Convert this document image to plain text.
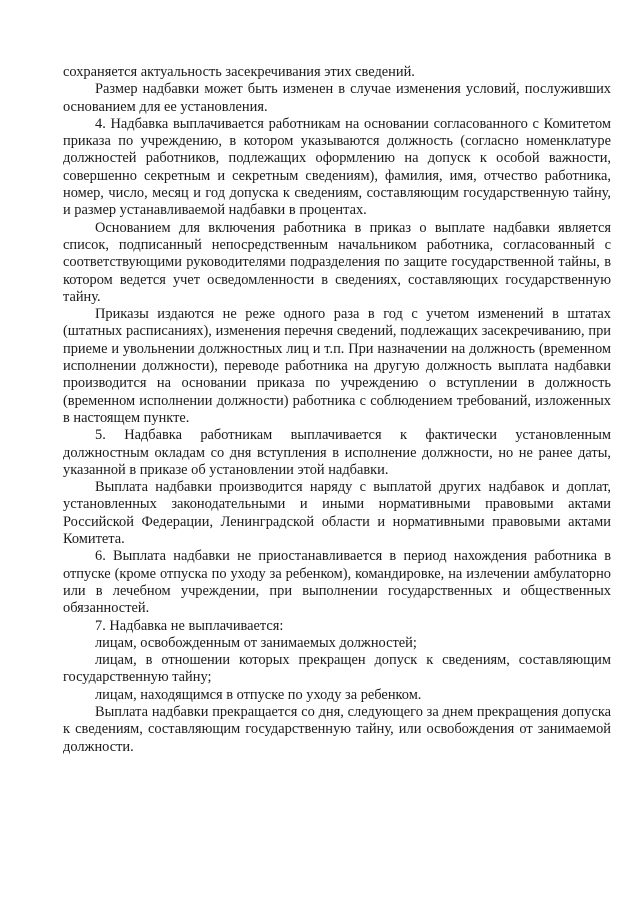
сохраняется актуальность засекречивания этих сведений.

Размер надбавки может быть изменен в случае изменения условий, послуживших основанием для ее установления.

4. Надбавка выплачивается работникам на основании согласованного с Комитетом приказа по учреждению, в котором указываются должность (согласно номенклатуре должностей работников, подлежащих оформлению на допуск к особой важности, совершенно секретным и секретным сведениям), фамилия, имя, отчество работника, номер, число, месяц и год допуска к сведениям, составляющим государственную тайну, и размер устанавливаемой надбавки в процентах.

Основанием для включения работника в приказ о выплате надбавки является список, подписанный непосредственным начальником работника, согласованный с соответствующими руководителями подразделения по защите государственной тайны, в котором ведется учет осведомленности в сведениях, составляющих государственную тайну.

Приказы издаются не реже одного раза в год с учетом изменений в штатах (штатных расписаниях), изменения перечня сведений, подлежащих засекречиванию, при приеме и увольнении должностных лиц и т.п. При назначении на должность (временном исполнении должности), переводе работника на другую должность выплата надбавки производится на основании приказа по учреждению о вступлении в должность (временном исполнении должности) работника с соблюдением требований, изложенных в настоящем пункте.

5. Надбавка работникам выплачивается к фактически установленным должностным окладам со дня вступления в исполнение должности, но не ранее даты, указанной в приказе об установлении этой надбавки.

Выплата надбавки производится наряду с выплатой других надбавок и доплат, установленных законодательными и иными нормативными правовыми актами Российской Федерации, Ленинградской области и нормативными правовыми актами Комитета.

6. Выплата надбавки не приостанавливается в период нахождения работника в отпуске (кроме отпуска по уходу за ребенком), командировке, на излечении амбулаторно или в лечебном учреждении, при выполнении государственных и общественных обязанностей.

7. Надбавка не выплачивается:

лицам, освобожденным от занимаемых должностей;

лицам, в отношении которых прекращен допуск к сведениям, составляющим государственную тайну;

лицам, находящимся в отпуске по уходу за ребенком.

Выплата надбавки прекращается со дня, следующего за днем прекращения допуска к сведениям, составляющим государственную тайну, или освобождения от занимаемой должности.
